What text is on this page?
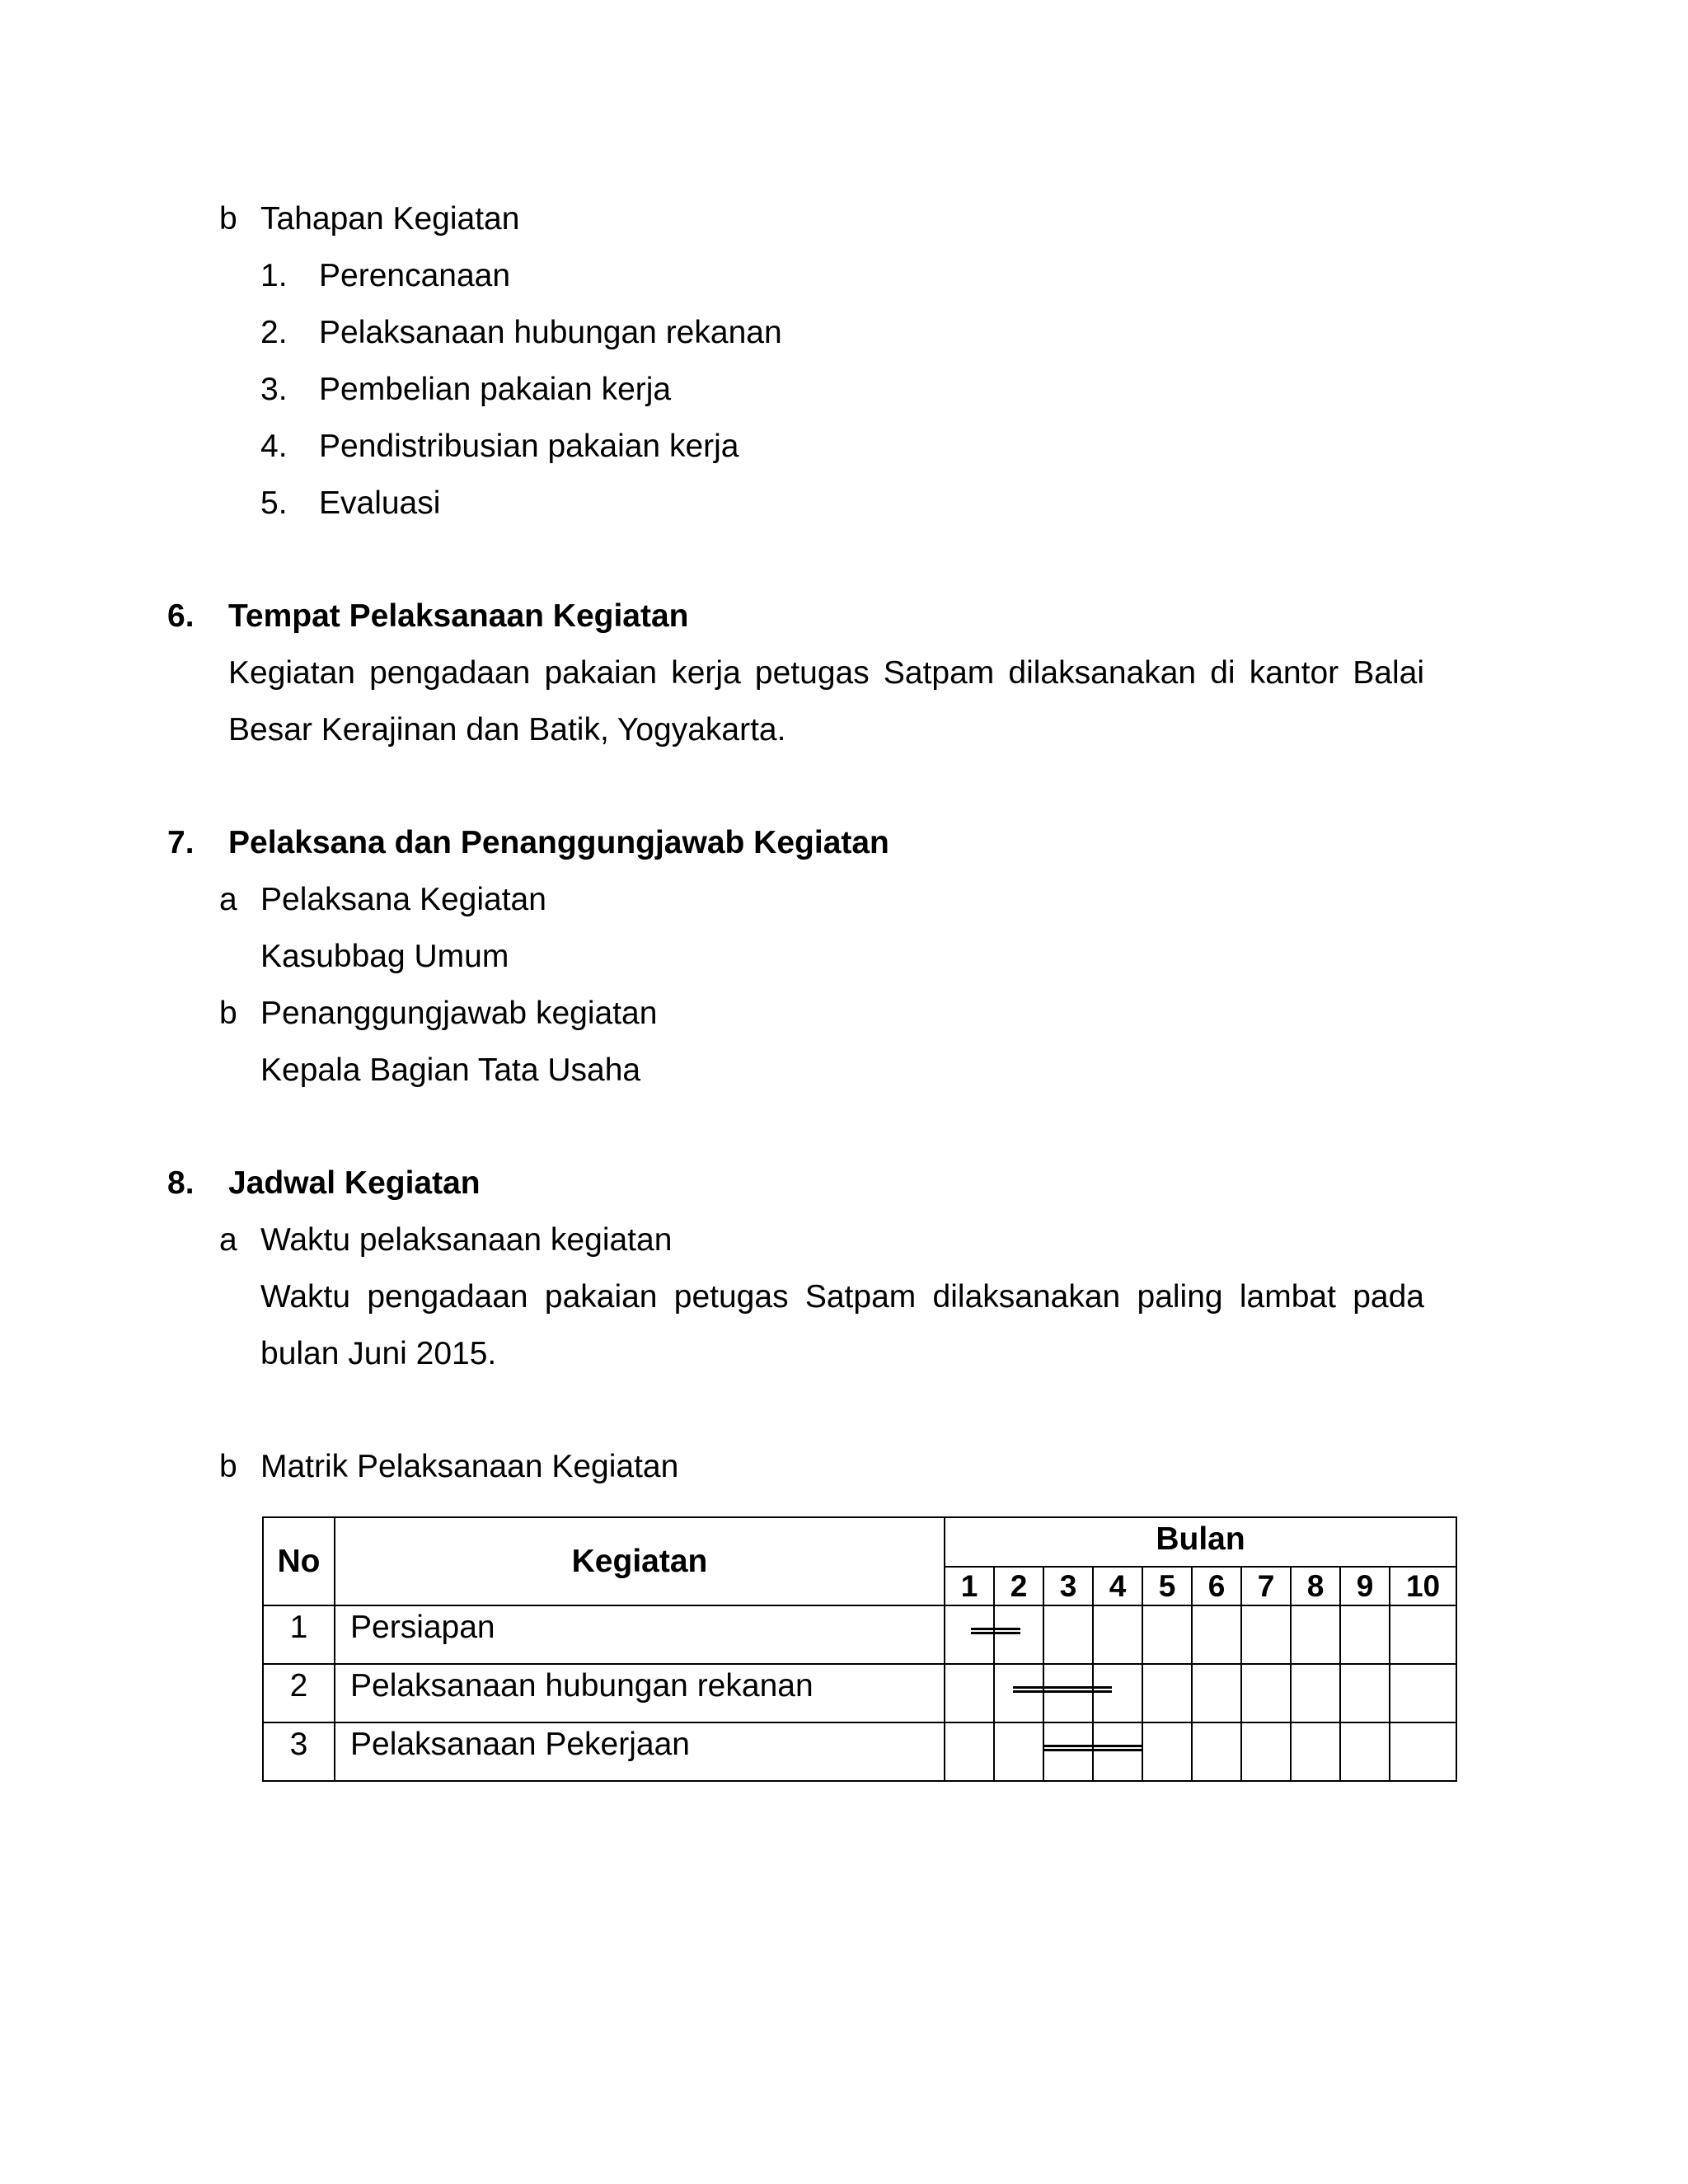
b Tahapan Kegiatan
1. Perencanaan
2. Pelaksanaan hubungan rekanan
3. Pembelian pakaian kerja
4. Pendistribusian pakaian kerja
5. Evaluasi
6. Tempat Pelaksanaan Kegiatan
Kegiatan pengadaan pakaian kerja petugas Satpam dilaksanakan di kantor Balai
Besar Kerajinan dan Batik, Yogyakarta.
7. Pelaksana dan Penanggungjawab Kegiatan
a Pelaksana Kegiatan
Kasubbag Umum
b Penanggungjawab kegiatan
Kepala Bagian Tata Usaha
8. Jadwal Kegiatan
a Waktu pelaksanaan kegiatan
Waktu pengadaan pakaian petugas Satpam dilaksanakan paling lambat pada
bulan Juni 2015.
b Matrik Pelaksanaan Kegiatan
No	Kegiatan	Bulan									
		1	2	3	4	5	6	7	8	9	10
1	Persiapan										
2	Pelaksanaan hubungan rekanan										
3	Pelaksanaan Pekerjaan										
